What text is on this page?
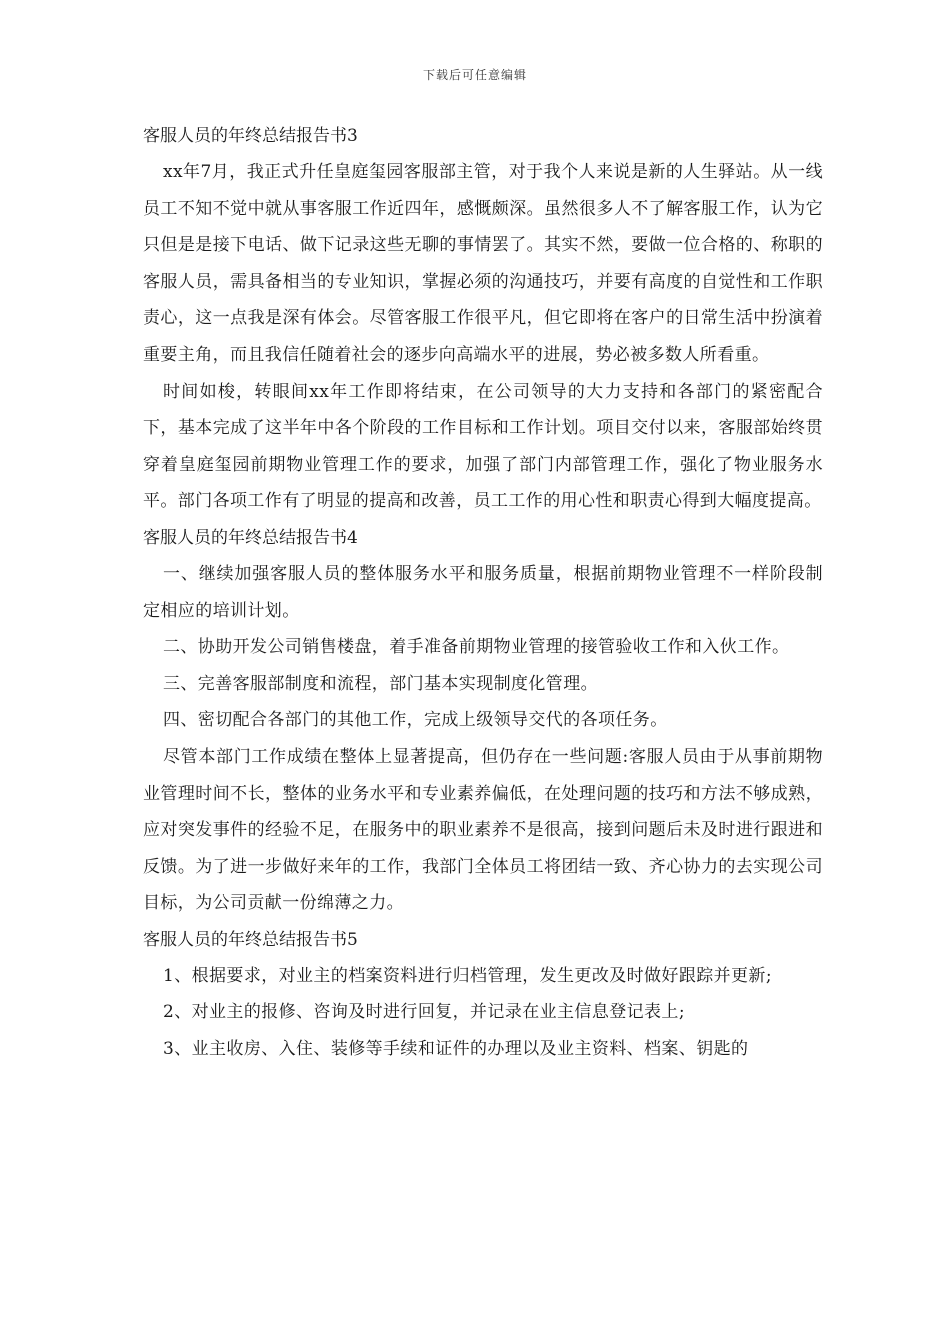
下载后可任意编辑
客服人员的年终总结报告书3

xx年7月，我正式升任皇庭玺园客服部主管，对于我个人来说是新的人生驿站。从一线员工不知不觉中就从事客服工作近四年，感慨颇深。虽然很多人不了解客服工作，认为它只但是是接下电话、做下记录这些无聊的事情罢了。其实不然，要做一位合格的、称职的客服人员，需具备相当的专业知识，掌握必须的沟通技巧，并要有高度的自觉性和工作职责心，这一点我是深有体会。尽管客服工作很平凡，但它即将在客户的日常生活中扮演着重要主角，而且我信任随着社会的逐步向高端水平的进展，势必被多数人所看重。

时间如梭，转眼间xx年工作即将结束，在公司领导的大力支持和各部门的紧密配合下，基本完成了这半年中各个阶段的工作目标和工作计划。项目交付以来，客服部始终贯穿着皇庭玺园前期物业管理工作的要求，加强了部门内部管理工作，强化了物业服务水平。部门各项工作有了明显的提高和改善，员工工作的用心性和职责心得到大幅度提高。

客服人员的年终总结报告书4

一、继续加强客服人员的整体服务水平和服务质量，根据前期物业管理不一样阶段制定相应的培训计划。

二、协助开发公司销售楼盘，着手准备前期物业管理的接管验收工作和入伙工作。

三、完善客服部制度和流程，部门基本实现制度化管理。

四、密切配合各部门的其他工作，完成上级领导交代的各项任务。

尽管本部门工作成绩在整体上显著提高，但仍存在一些问题:客服人员由于从事前期物业管理时间不长，整体的业务水平和专业素养偏低，在处理问题的技巧和方法不够成熟，应对突发事件的经验不足，在服务中的职业素养不是很高，接到问题后未及时进行跟进和反馈。为了进一步做好来年的工作，我部门全体员工将团结一致、齐心协力的去实现公司目标，为公司贡献一份绵薄之力。

客服人员的年终总结报告书5

1、根据要求，对业主的档案资料进行归档管理，发生更改及时做好跟踪并更新;

2、对业主的报修、咨询及时进行回复，并记录在业主信息登记表上;

3、业主收房、入住、装修等手续和证件的办理以及业主资料、档案、钥匙的
